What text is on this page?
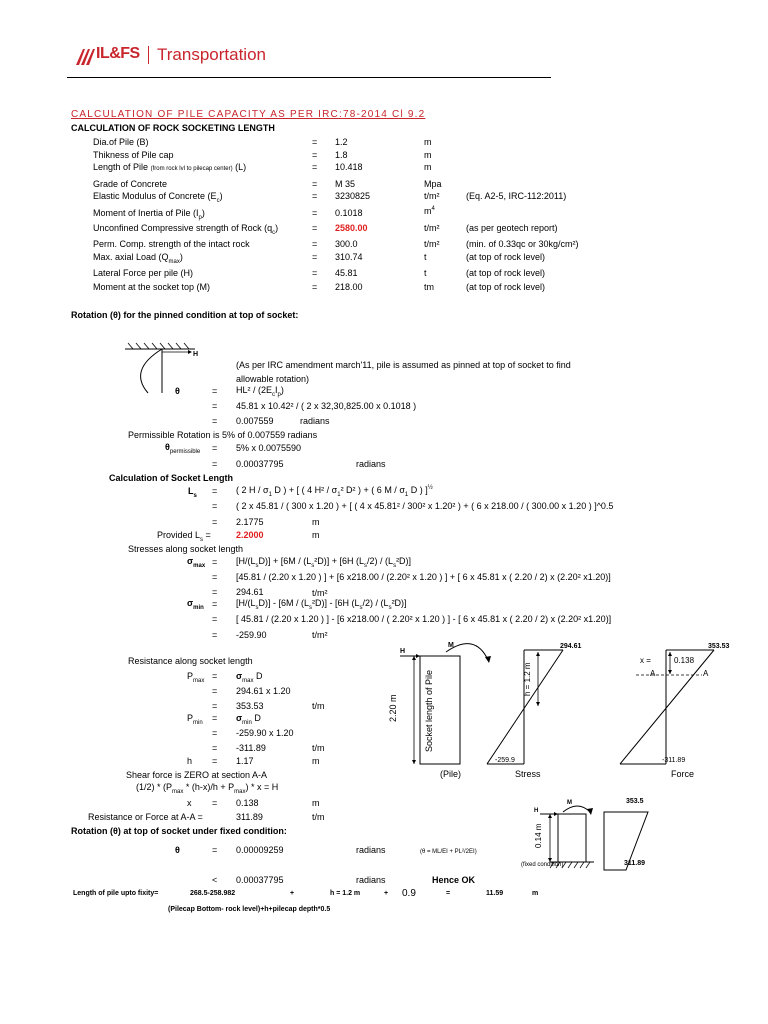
IL&FS Transportation
CALCULATION OF PILE CAPACITY AS PER IRC:78-2014 Cl 9.2
CALCULATION OF ROCK SOCKETING LENGTH
Dia.of Pile (B)	= 1.2	m
Thikness of Pile cap	= 1.8	m
Length of Pile (from rock lvl to pilecap center) (L)	= 10.418	m
Grade of Concrete	= M 35	Mpa
Elastic Modulus of Concrete $(E_c)$	= 3230825	t/m²	(Eq. A2-5, IRC-112:2011)
Moment of Inertia of Pile $(I_p)$	= 0.1018	$m^4$
Unconfined Compressive strength of Rock $(q_c)$	= 2580.00	t/m²	(as per geotech report)
Perm. Comp. strength of the intact rock	= 300.0	t/m²	(min. of 0.33qc or 30kg/cm²)
Max. axial Load $(Q_{max})$	= 310.74	t	(at top of rock level)
Lateral Force per pile (H)	= 45.81	t	(at top of rock level)
Moment at the socket top (M)	= 218.00	tm	(at top of rock level)
Rotation (θ) for the pinned condition at top of socket:
H
(As per IRC amendment march'11, pile is assumed as pinned at top of socket to find
allowable rotation)
θ	= $HL^2 / (2E_cI_p)$
= 45.81 x 10.42² / ( 2 x 32,30,825.00 x 0.1018 )
= 0.007559	radians
Permissible Rotation is 5% of 0.007559 radians
$\theta_{permissible} = 5\%$ x 0.0075590
= 0.00037795	radians
Calculation of Socket Length
$L_s$ = ( 2 H / $\sigma_1$ D ) + [ ( 4 $H^2 / \sigma_1^2$ D² ) + ( 6 M / $\sigma_1$ D ) ]$^{\frac{1}{2}}$
= ( 2 x 45.81 / ( 300 x 1.20 ) + [ ( 4 x 45.81² / 300² x 1.20² ) + ( 6 x 218.00 / ( 300.00 x 1.20 ) ]^0.5
= 2.1775	m
Provided $L_s$ =	2.2000	m
Stresses along socket length
$\sigma_{max} = [H/(L_sD)] + [6M / (L_s^2D)] + [6H$ $(L_s/2) / (L_s^2D)$]
= [45.81 / (2.20 x 1.20 ) ] + [6 x218.00 / (2.20² x 1.20 ) ] + [ 6 x 45.81 x ( 2.20 / 2) x (2.20² x1.20)]
= 294.61	t/m²
$\sigma_{min} = [H/(L_sD)] - [6M / (L_s^2D)] - [6H$ $(L_s/2) / (L_s^2D)$]
= [ 45.81 / (2.20 x 1.20 ) ] - [6 x218.00 / ( 2.20² x 1.20 ) ] - [ 6 x 45.81 x ( 2.20 / 2) x (2.20² x1.20)]
= -259.90	t/m²
Resistance along socket length
$P_{max} = \sigma_{max}$ D
= 294.61 x 1.20
= 353.53	t/m
$P_{min} = \sigma_{min}$ D
= -259.90 x 1.20
= -311.89	t/m
h = 1.17	m
Shear force is ZERO at section A-A
$(1/2) * (P_{max} * (h-x)/h + P_{max}) * x = H$
x = 0.138	m
Resistance or Force at A-A =	311.89	t/m
Rotation (θ) at top of socket under fixed condition:
θ	= 0.00009259	radians	(θ = ML/EI + PL²/2EI)
< 0.00037795	radians	Hence OK
Length of pile upto fixity=	268.5-258.982	+	h = 1.2 m	+ 0.9	=	11.59	m
(Pilecap Bottom- rock level)+h+pilecap depth*0.5
H
M
2.20 m	Socket length of Pile
(Pile)
294.61
h = 1.2 m
-259.9
Stress
353.53
x =	0.138
A	A
-311.89
Force
H
M
0.14 m
(fixed condition)
353.5
311.89
